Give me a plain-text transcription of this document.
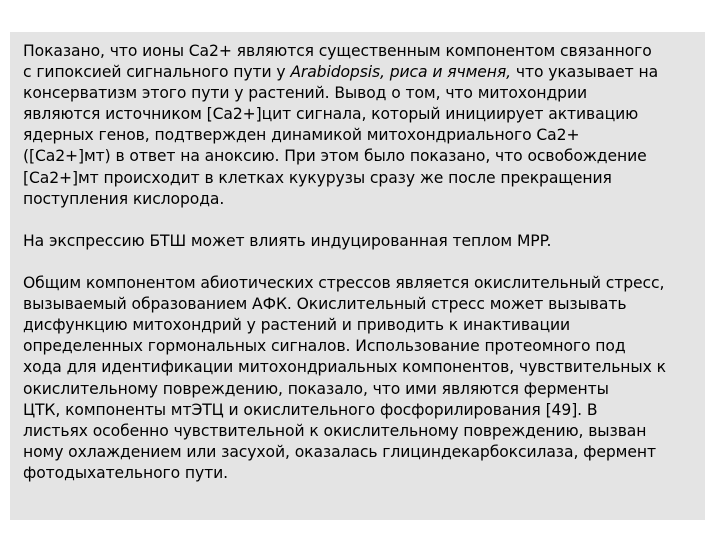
Показано, что ионы Ca2+ являются существенным компонентом связанного
с гипоксией сигнального пути у Arabidopsis, риса и ячменя, что указывает на
консерватизм этого пути у растений. Вывод о том, что митохондрии
являются источником [Ca2+]цит сигнала, который инициирует активацию
ядерных генов, подтвержден динамикой митохондриального Ca2+
([Ca2+]мт) в ответ на аноксию. При этом было показано, что освобождение
[Ca2+]мт происходит в клетках кукурузы сразу же после прекращения
поступления кислорода.
На экспрессию БТШ может влиять индуцированная теплом MPP.
Общим компонентом абиотических стрессов является окислительный стресс,
вызываемый образованием АФК. Окислительный стресс может вызывать
дисфункцию митохондрий у растений и приводить к инактивации
определенных гормональных сигналов. Использование протеомного под
хода для идентификации митохондриальных компонентов, чувствительных к
окислительному повреждению, показало, что ими являются ферменты
ЦТК, компоненты мтЭТЦ и окислительного фосфорилирования [49]. В
листьях особенно чувствительной к окислительному повреждению, вызван
ному охлаждением или засухой, оказалась глициндекарбоксилаза, фермент
фотодыхательного пути.
